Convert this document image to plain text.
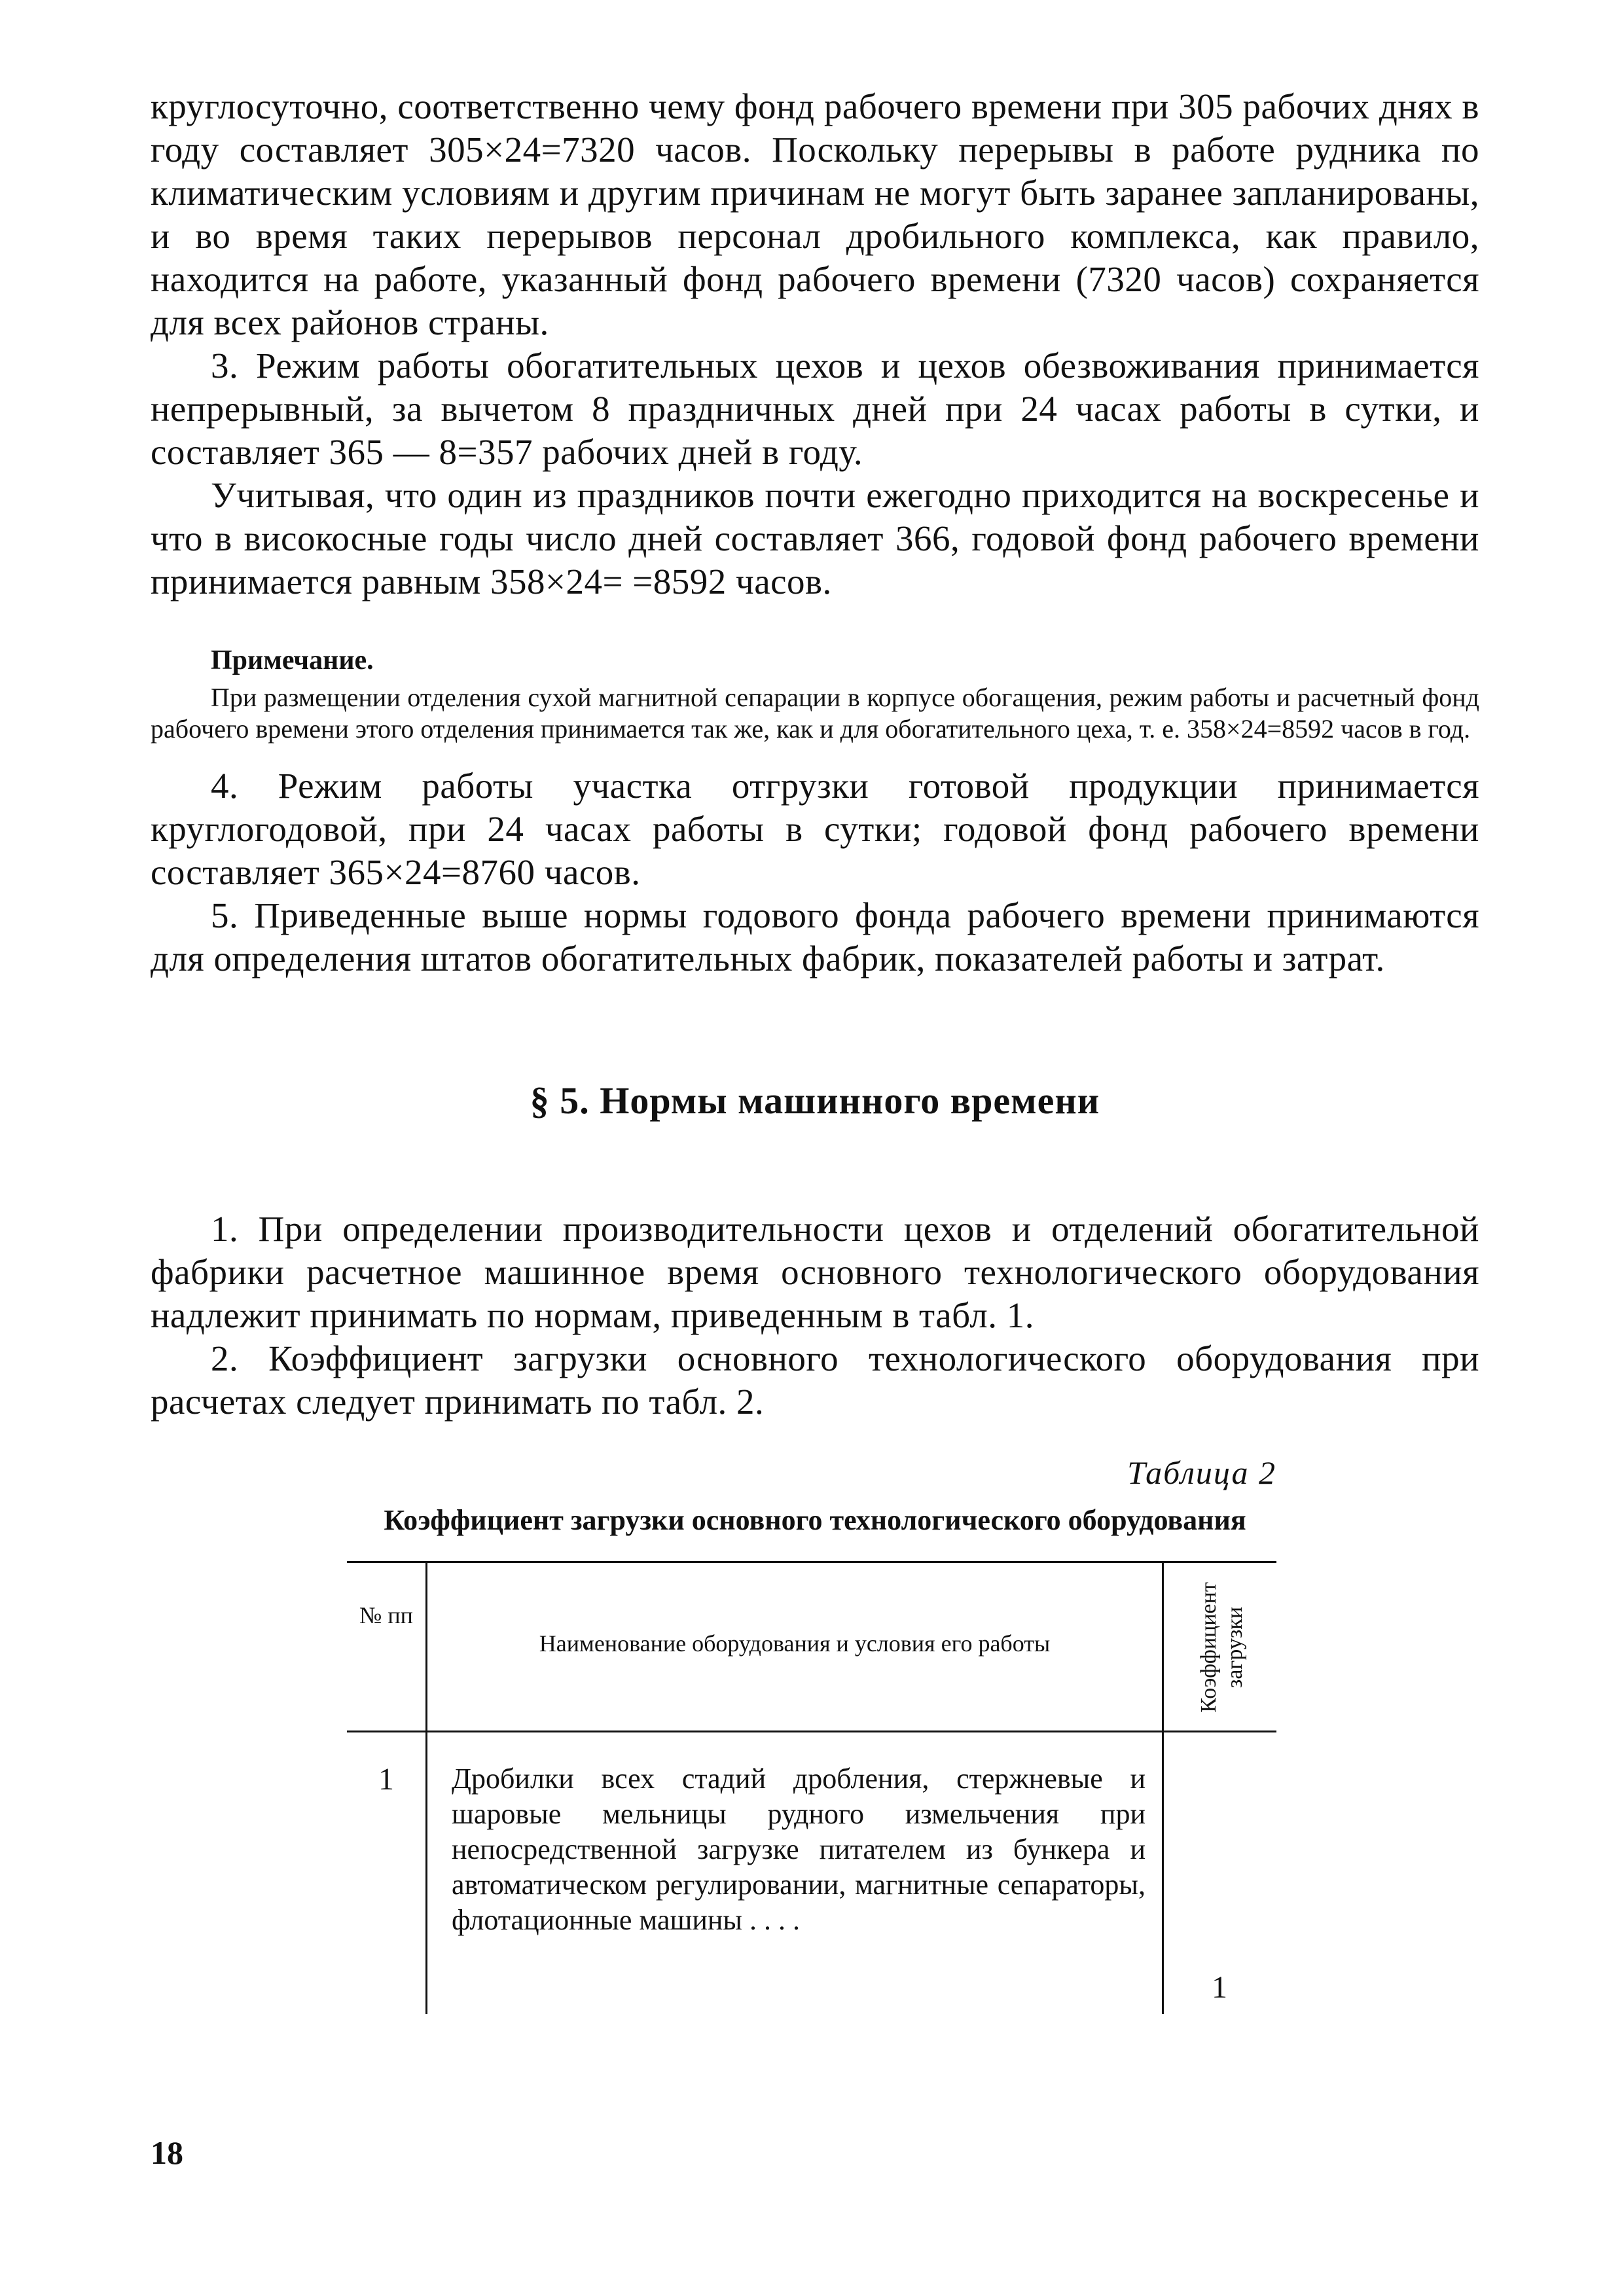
круглосуточно, соответственно чему фонд рабочего времени при 305 рабочих днях в году составляет 305×24=7320 часов. Поскольку перерывы в работе рудника по климатическим условиям и другим причинам не могут быть заранее запланированы, и во время таких перерывов персонал дробильного комплекса, как правило, находится на работе, указанный фонд рабочего времени (7320 часов) сохраняется для всех районов страны.

3. Режим работы обогатительных цехов и цехов обезвоживания принимается непрерывный, за вычетом 8 праздничных дней при 24 часах работы в сутки, и составляет 365 — 8=357 рабочих дней в году.

Учитывая, что один из праздников почти ежегодно приходится на воскресенье и что в високосные годы число дней составляет 366, годовой фонд рабочего времени принимается равным 358×24= =8592 часов.

Примечание.

При размещении отделения сухой магнитной сепарации в корпусе обогащения, режим работы и расчетный фонд рабочего времени этого отделения принимается так же, как и для обогатительного цеха, т. е. 358×24=8592 часов в год.

4. Режим работы участка отгрузки готовой продукции принимается круглогодовой, при 24 часах работы в сутки; годовой фонд рабочего времени составляет 365×24=8760 часов.

5. Приведенные выше нормы годового фонда рабочего времени принимаются для определения штатов обогатительных фабрик, показателей работы и затрат.

§ 5. Нормы машинного времени

1. При определении производительности цехов и отделений обогатительной фабрики расчетное машинное время основного технологического оборудования надлежит принимать по нормам, приведенным в табл. 1.

2. Коэффициент загрузки основного технологического оборудования при расчетах следует принимать по табл. 2.

Таблица 2
Коэффициент загрузки основного технологического оборудования
№ пп
Наименование оборудования и условия его работы	Коэффициент загрузки
1	Дробилки всех стадий дробления, стержневые и шаровые мельницы рудного измельчения при непосредственной загрузке питателем из бункера и автоматическом регулировании, магнитные сепараторы, флотационные машины . . . .
1
18
